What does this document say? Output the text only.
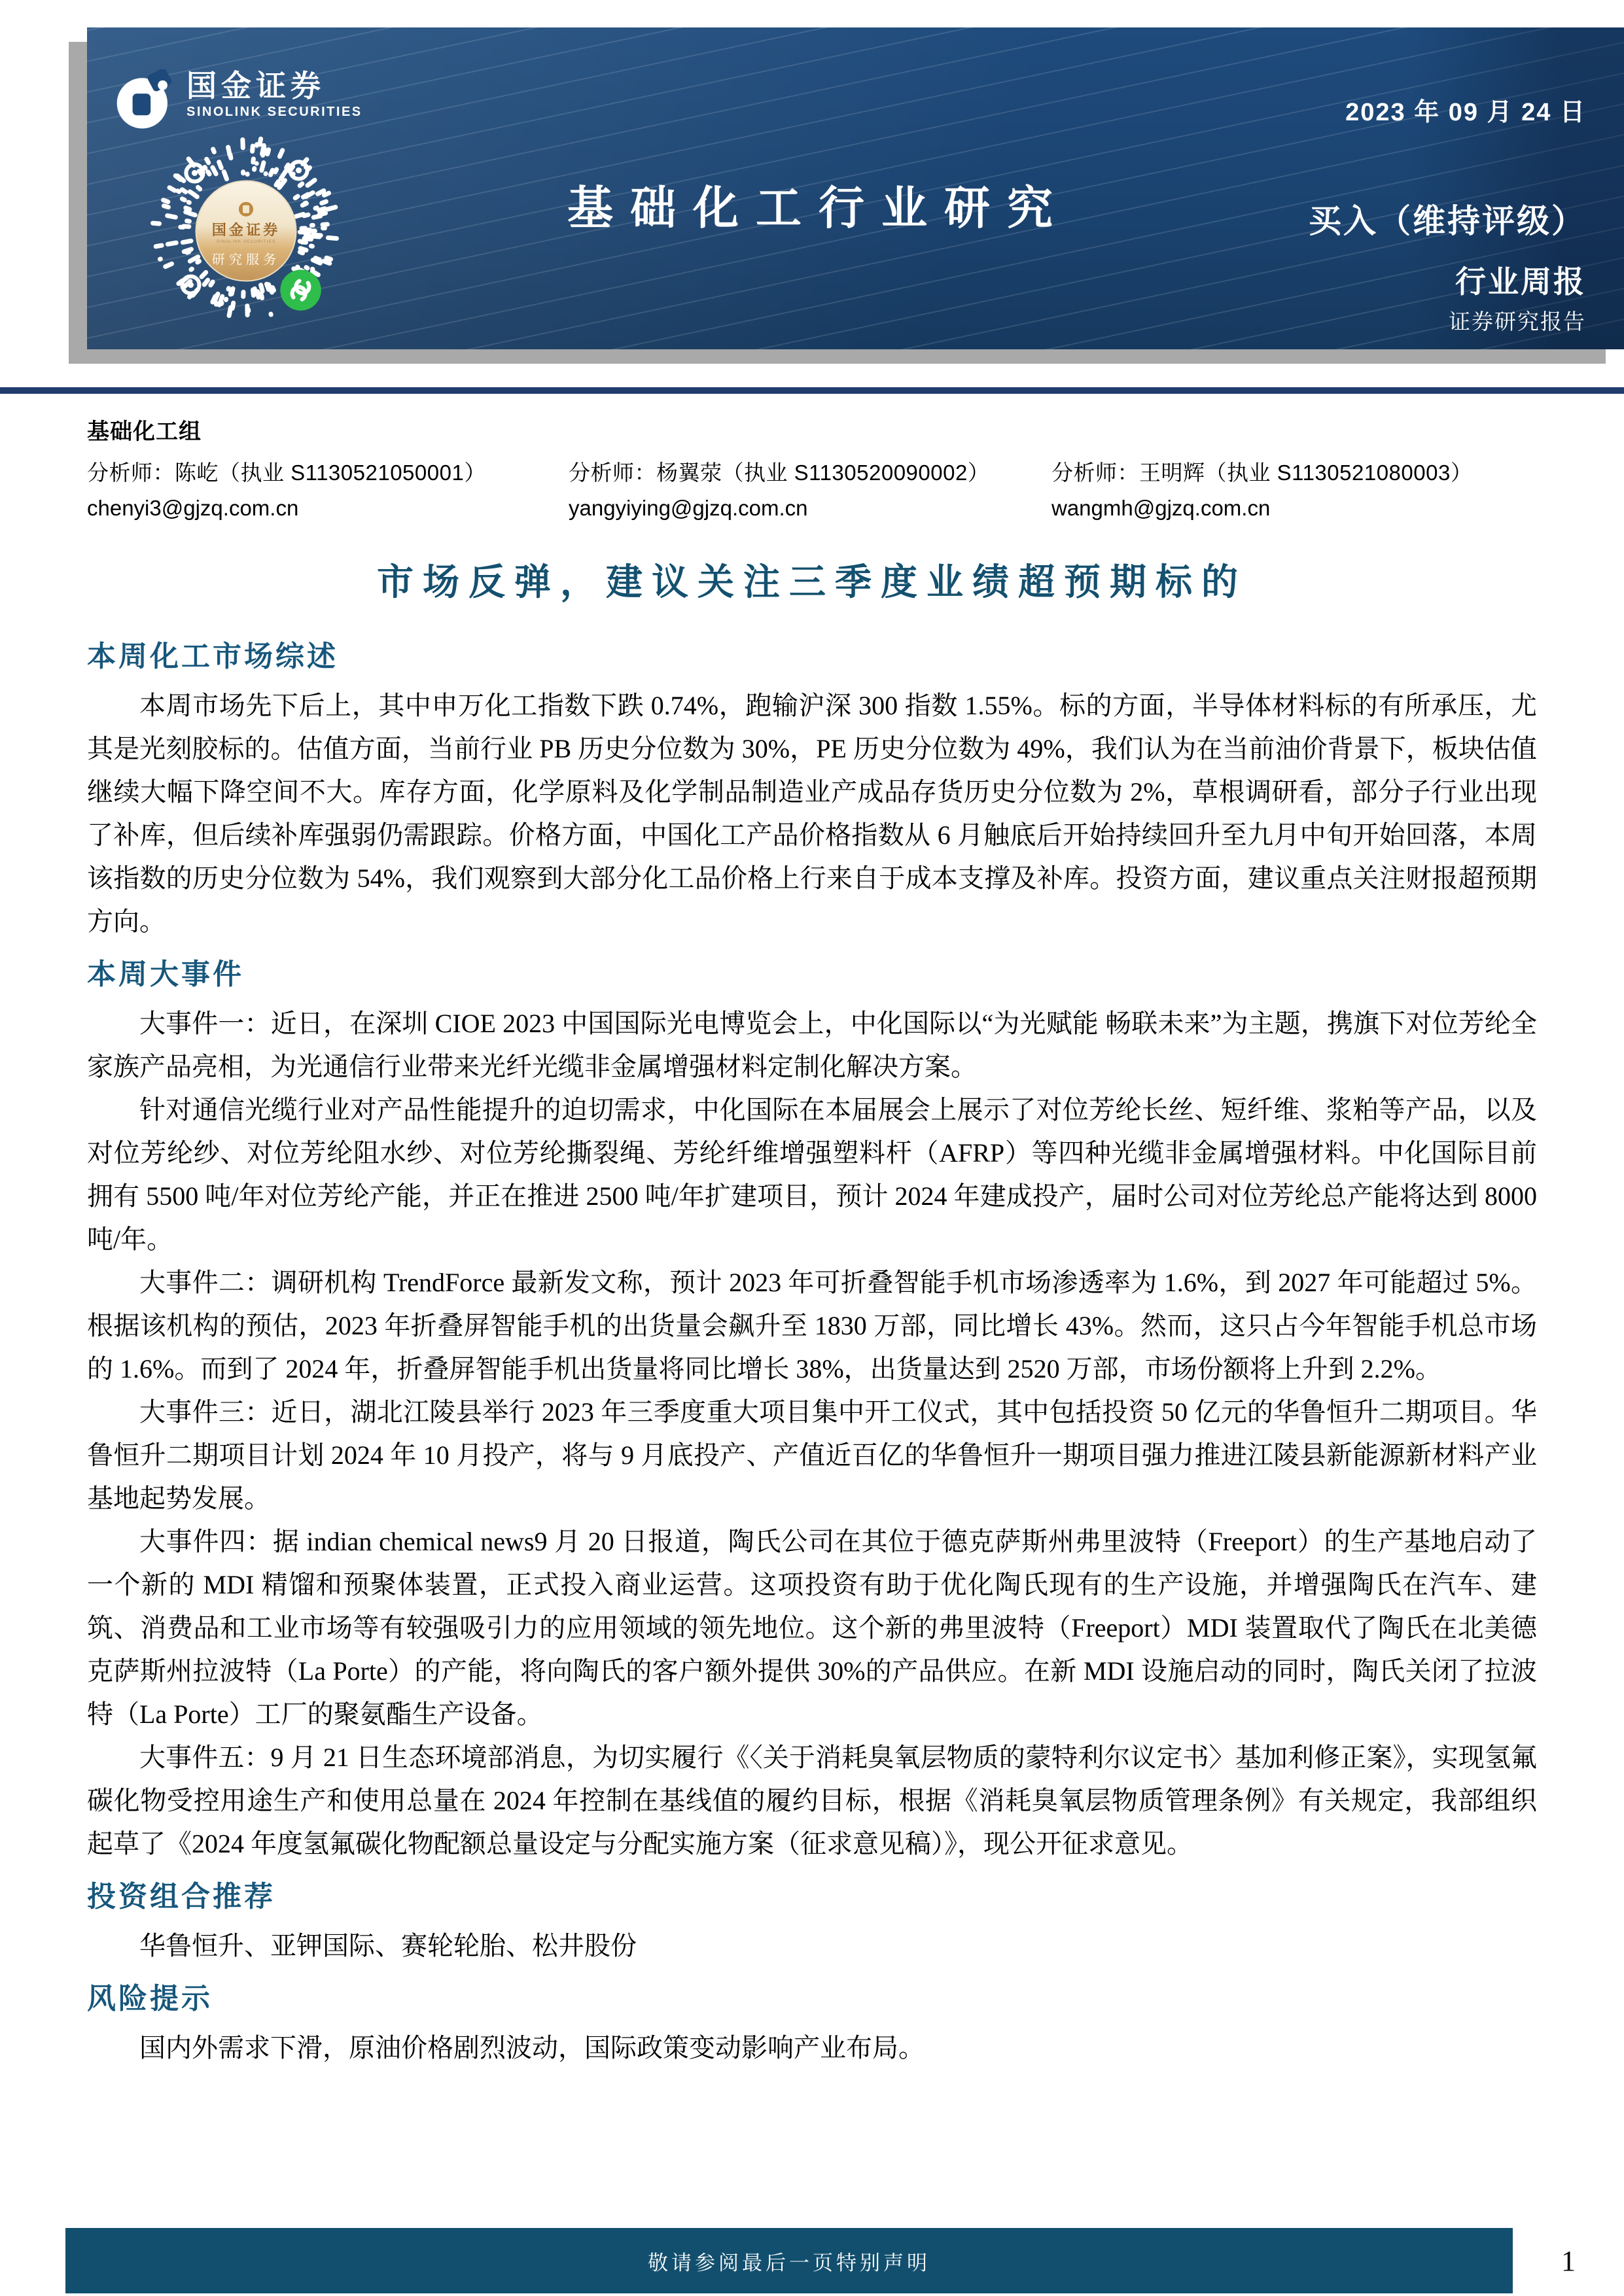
国金证券
SINOLINK SECURITIES
国金证券
SINOLINK SECURITIES
研究服务
2023 年 09 月 24 日
基础化工行业研究	买入（维持评级）
行业周报
证券研究报告
基础化工组
分析师：陈屹（执业 S1130521050001）
chenyi3@gjzq.com.cn
分析师：杨翼荥（执业 S1130520090002）
yangyiying@gjzq.com.cn
分析师：王明辉（执业 S1130521080003）
wangmh@gjzq.com.cn
市场反弹，建议关注三季度业绩超预期标的
本周化工市场综述

本周市场先下后上，其中申万化工指数下跌 0.74%，跑输沪深 300 指数 1.55%。标的方面，半导体材料标的有所承压，尤其是光刻胶标的。估值方面，当前行业 PB 历史分位数为 30%，PE 历史分位数为 49%，我们认为在当前油价背景下，板块估值继续大幅下降空间不大。库存方面，化学原料及化学制品制造业产成品存货历史分位数为 2%，草根调研看，部分子行业出现了补库，但后续补库强弱仍需跟踪。价格方面，中国化工产品价格指数从 6 月触底后开始持续回升至九月中旬开始回落，本周该指数的历史分位数为 54%，我们观察到大部分化工品价格上行来自于成本支撑及补库。投资方面，建议重点关注财报超预期方向。

本周大事件

大事件一：近日，在深圳 CIOE 2023 中国国际光电博览会上，中化国际以“为光赋能 畅联未来”为主题，携旗下对位芳纶全家族产品亮相，为光通信行业带来光纤光缆非金属增强材料定制化解决方案。

针对通信光缆行业对产品性能提升的迫切需求，中化国际在本届展会上展示了对位芳纶长丝、短纤维、浆粕等产品，以及对位芳纶纱、对位芳纶阻水纱、对位芳纶撕裂绳、芳纶纤维增强塑料杆（AFRP）等四种光缆非金属增强材料。中化国际目前拥有 5500 吨/年对位芳纶产能，并正在推进 2500 吨/年扩建项目，预计 2024 年建成投产，届时公司对位芳纶总产能将达到 8000 吨/年。

大事件二：调研机构 TrendForce 最新发文称，预计 2023 年可折叠智能手机市场渗透率为 1.6%，到 2027 年可能超过 5%。根据该机构的预估，2023 年折叠屏智能手机的出货量会飙升至 1830 万部，同比增长 43%。然而，这只占今年智能手机总市场的 1.6%。而到了 2024 年，折叠屏智能手机出货量将同比增长 38%，出货量达到 2520 万部，市场份额将上升到 2.2%。

大事件三：近日，湖北江陵县举行 2023 年三季度重大项目集中开工仪式，其中包括投资 50 亿元的华鲁恒升二期项目。华鲁恒升二期项目计划 2024 年 10 月投产，将与 9 月底投产、产值近百亿的华鲁恒升一期项目强力推进江陵县新能源新材料产业基地起势发展。

大事件四：据 indian chemical news9 月 20 日报道，陶氏公司在其位于德克萨斯州弗里波特（Freeport）的生产基地启动了一个新的 MDI 精馏和预聚体装置，正式投入商业运营。这项投资有助于优化陶氏现有的生产设施，并增强陶氏在汽车、建筑、消费品和工业市场等有较强吸引力的应用领域的领先地位。这个新的弗里波特（Freeport）MDI 装置取代了陶氏在北美德克萨斯州拉波特（La Porte）的产能，将向陶氏的客户额外提供 30%的产品供应。在新 MDI 设施启动的同时，陶氏关闭了拉波特（La Porte）工厂的聚氨酯生产设备。

大事件五：9 月 21 日生态环境部消息，为切实履行《〈关于消耗臭氧层物质的蒙特利尔议定书〉基加利修正案》，实现氢氟碳化物受控用途生产和使用总量在 2024 年控制在基线值的履约目标，根据《消耗臭氧层物质管理条例》有关规定，我部组织起草了《2024 年度氢氟碳化物配额总量设定与分配实施方案（征求意见稿）》，现公开征求意见。

投资组合推荐

华鲁恒升、亚钾国际、赛轮轮胎、松井股份

风险提示

国内外需求下滑，原油价格剧烈波动，国际政策变动影响产业布局。

敬请参阅最后一页特别声明	1
